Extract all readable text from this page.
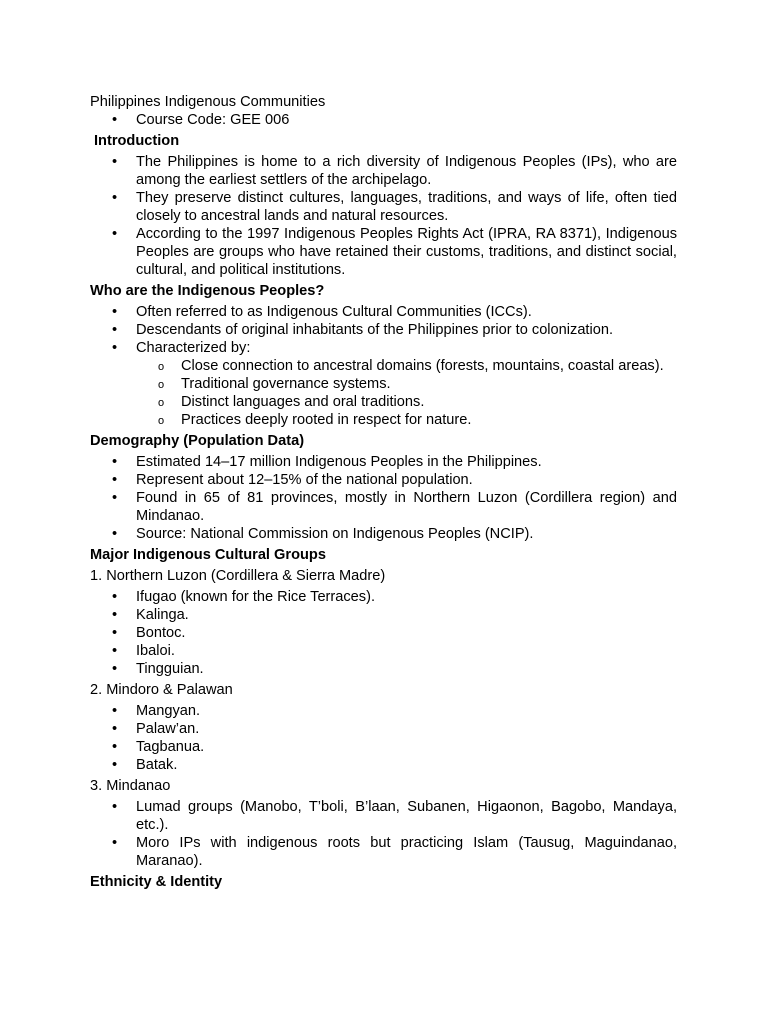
Philippines Indigenous Communities

• Course Code: GEE 006

Introduction

• The Philippines is home to a rich diversity of Indigenous Peoples (IPs), who are among the earliest settlers of the archipelago.
• They preserve distinct cultures, languages, traditions, and ways of life, often tied closely to ancestral lands and natural resources.
• According to the 1997 Indigenous Peoples Rights Act (IPRA, RA 8371), Indigenous Peoples are groups who have retained their customs, traditions, and distinct social, cultural, and political institutions.

Who are the Indigenous Peoples?

• Often referred to as Indigenous Cultural Communities (ICCs).
• Descendants of original inhabitants of the Philippines prior to colonization.
• Characterized by:
o Close connection to ancestral domains (forests, mountains, coastal areas).
o Traditional governance systems.
o Distinct languages and oral traditions.
o Practices deeply rooted in respect for nature.

Demography (Population Data)

• Estimated 14–17 million Indigenous Peoples in the Philippines.
• Represent about 12–15% of the national population.
• Found in 65 of 81 provinces, mostly in Northern Luzon (Cordillera region) and Mindanao.
• Source: National Commission on Indigenous Peoples (NCIP).

Major Indigenous Cultural Groups

1. Northern Luzon (Cordillera & Sierra Madre)

• Ifugao (known for the Rice Terraces).
• Kalinga.
• Bontoc.
• Ibaloi.
• Tingguian.

2. Mindoro & Palawan

• Mangyan.
• Palaw’an.
• Tagbanua.
• Batak.

3. Mindanao

• Lumad groups (Manobo, T’boli, B’laan, Subanen, Higaonon, Bagobo, Mandaya, etc.).
• Moro IPs with indigenous roots but practicing Islam (Tausug, Maguindanao, Maranao).

Ethnicity & Identity
